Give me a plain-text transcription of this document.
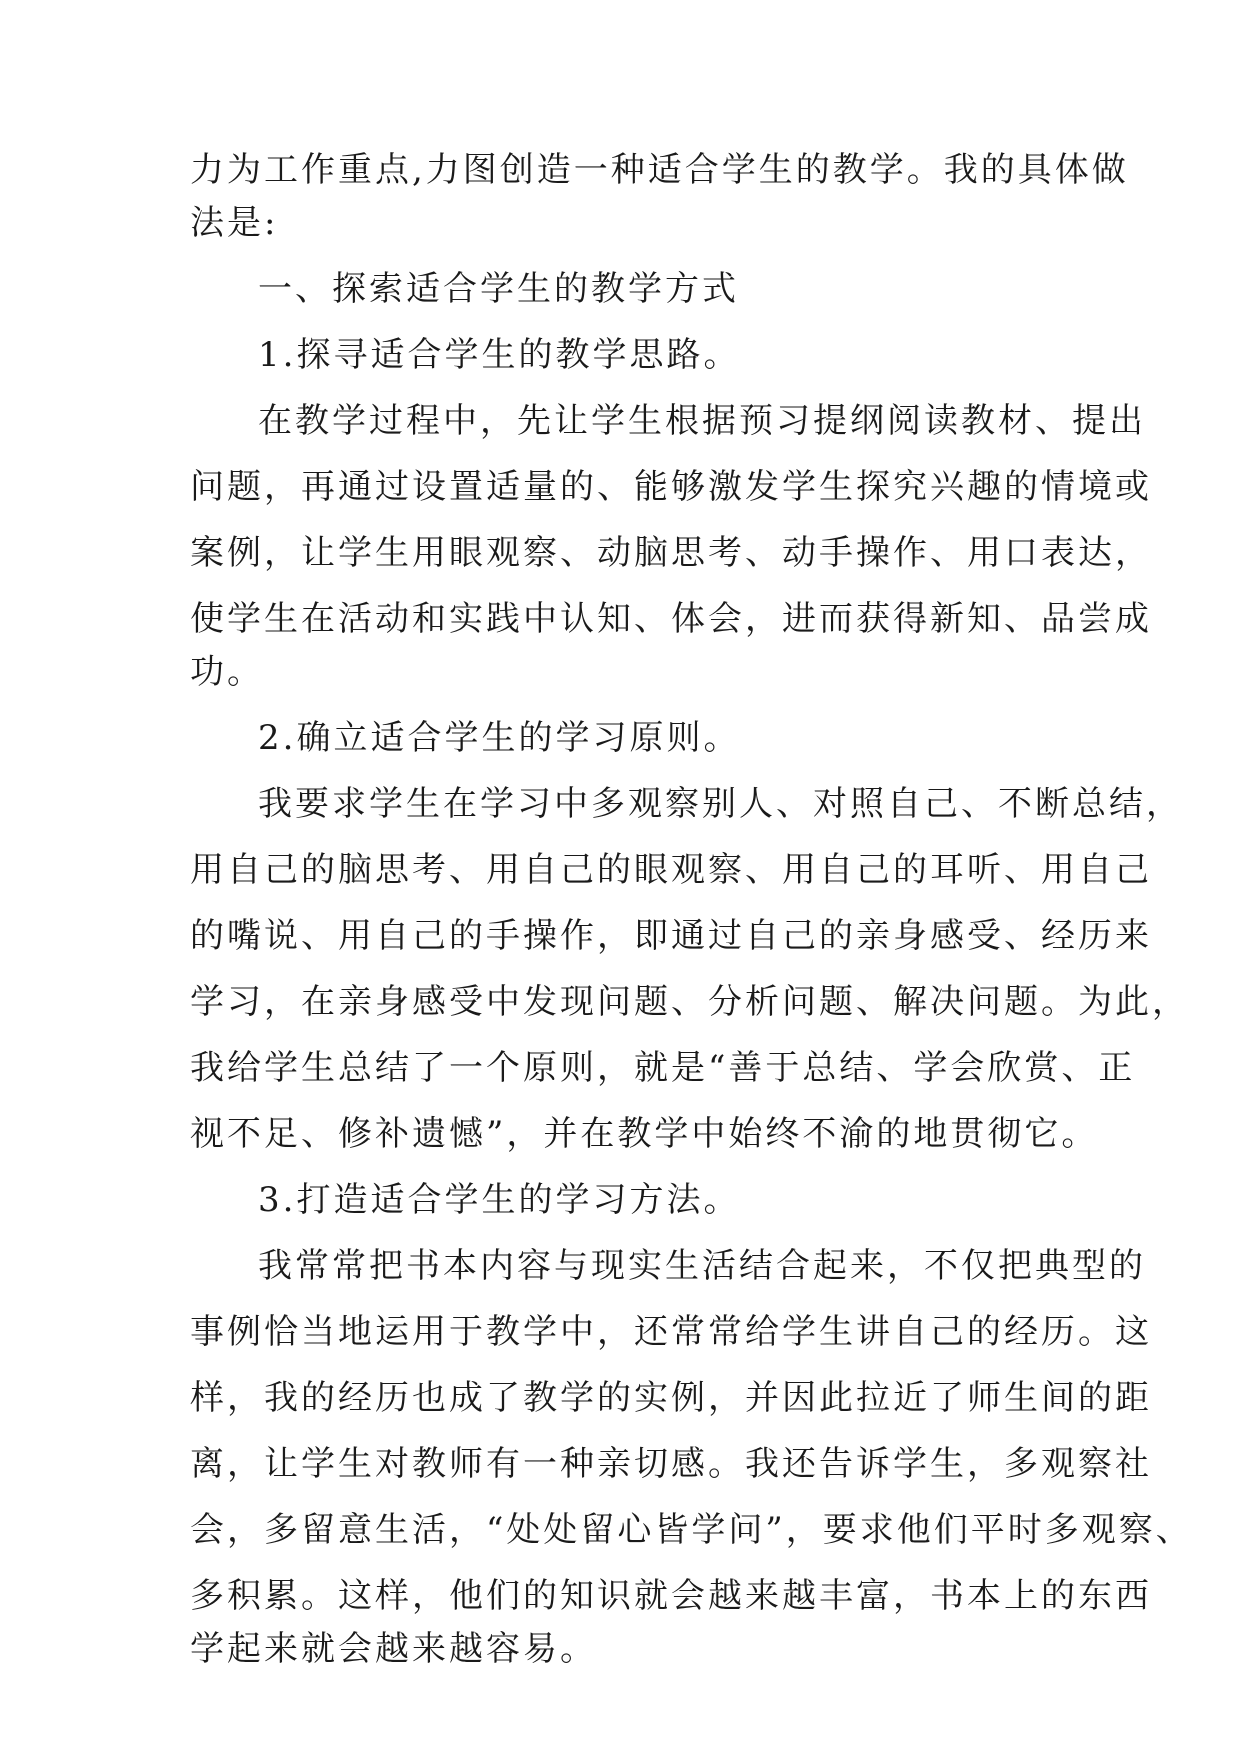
力为工作重点,力图创造一种适合学生的教学。我的具体做

法是:

一、探索适合学生的教学方式

1.探寻适合学生的教学思路。

在教学过程中，先让学生根据预习提纲阅读教材、提出

问题，再通过设置适量的、能够激发学生探究兴趣的情境或

案例，让学生用眼观察、动脑思考、动手操作、用口表达，

使学生在活动和实践中认知、体会，进而获得新知、品尝成

功。

2.确立适合学生的学习原则。

我要求学生在学习中多观察别人、对照自己、不断总结，

用自己的脑思考、用自己的眼观察、用自己的耳听、用自己

的嘴说、用自己的手操作，即通过自己的亲身感受、经历来

学习，在亲身感受中发现问题、分析问题、解决问题。为此，

我给学生总结了一个原则，就是“善于总结、学会欣赏、正

视不足、修补遗憾”，并在教学中始终不渝的地贯彻它。

3.打造适合学生的学习方法。

我常常把书本内容与现实生活结合起来，不仅把典型的

事例恰当地运用于教学中，还常常给学生讲自己的经历。这

样，我的经历也成了教学的实例，并因此拉近了师生间的距

离，让学生对教师有一种亲切感。我还告诉学生，多观察社

会，多留意生活，“处处留心皆学问”，要求他们平时多观察、

多积累。这样，他们的知识就会越来越丰富，书本上的东西

学起来就会越来越容易。
